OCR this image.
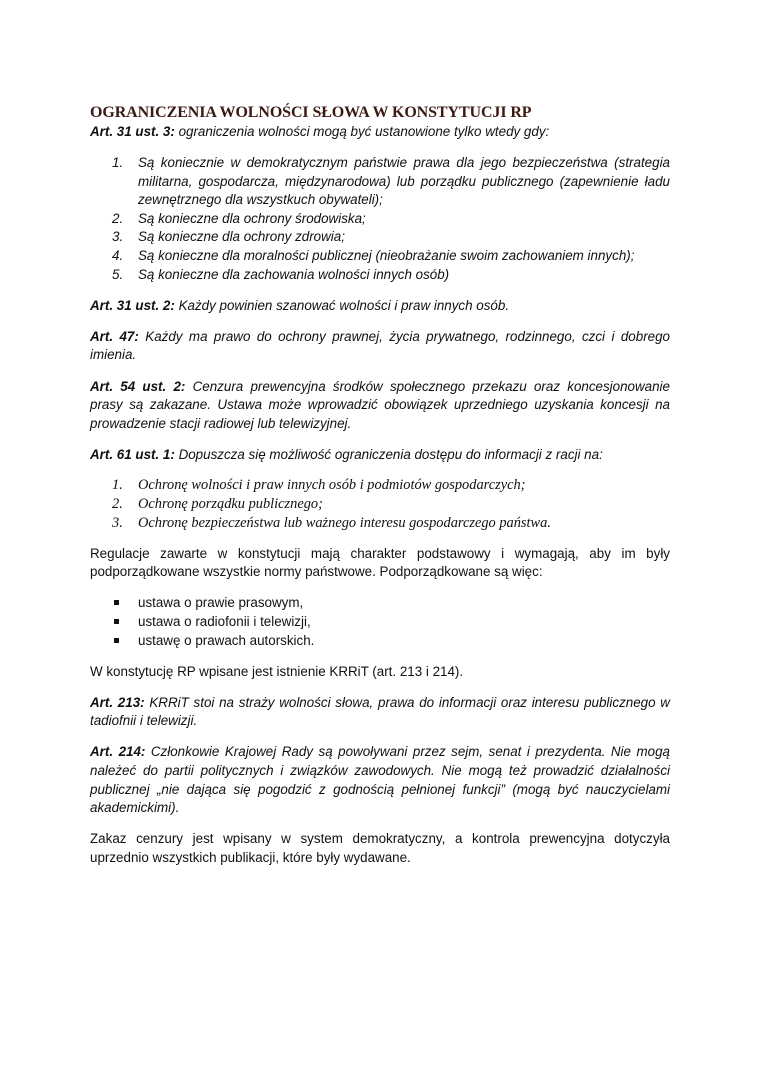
OGRANICZENIA WOLNOŚCI SŁOWA W KONSTYTUCJI RP

Art. 31 ust. 3: ograniczenia wolności mogą być ustanowione tylko wtedy gdy:

1. Są koniecznie w demokratycznym państwie prawa dla jego bezpieczeństwa (strategia militarna, gospodarcza, międzynarodowa) lub porządku publicznego (zapewnienie ładu zewnętrznego dla wszystkuch obywateli);
2. Są konieczne dla ochrony środowiska;
3. Są konieczne dla ochrony zdrowia;
4. Są konieczne dla moralności publicznej (nieobrażanie swoim zachowaniem innych);
5. Są konieczne dla zachowania wolności innych osób)

Art. 31 ust. 2: Każdy powinien szanować wolności i praw innych osób.

Art. 47: Każdy ma prawo do ochrony prawnej, życia prywatnego, rodzinnego, czci i dobrego imienia.

Art. 54 ust. 2: Cenzura prewencyjna środków społecznego przekazu oraz koncesjonowanie prasy są zakazane. Ustawa może wprowadzić obowiązek uprzedniego uzyskania koncesji na prowadzenie stacji radiowej lub telewizyjnej.

Art. 61 ust. 1: Dopuszcza się możliwość ograniczenia dostępu do informacji z racji na:

1. Ochronę wolności i praw innych osób i podmiotów gospodarczych;
2. Ochronę porządku publicznego;
3. Ochronę bezpieczeństwa lub ważnego interesu gospodarczego państwa.

Regulacje zawarte w konstytucji mają charakter podstawowy i wymagają, aby im były podporządkowane wszystkie normy państwowe. Podporządkowane są więc:

ustawa o prawie prasowym,
ustawa o radiofonii i telewizji,
ustawę o prawach autorskich.

W konstytucję RP wpisane jest istnienie KRRiT (art. 213 i 214).

Art. 213: KRRiT stoi na straży wolności słowa, prawa do informacji oraz interesu publicznego w tadiofnii i telewizji.

Art. 214: Członkowie Krajowej Rady są powoływani przez sejm, senat i prezydenta. Nie mogą należeć do partii politycznych i związków zawodowych. Nie mogą też prowadzić działalności publicznej „nie dająca się pogodzić z godnością pełnionej funkcji” (mogą być nauczycielami akademickimi).

Zakaz cenzury jest wpisany w system demokratyczny, a kontrola prewencyjna dotyczyła uprzednio wszystkich publikacji, które były wydawane.
